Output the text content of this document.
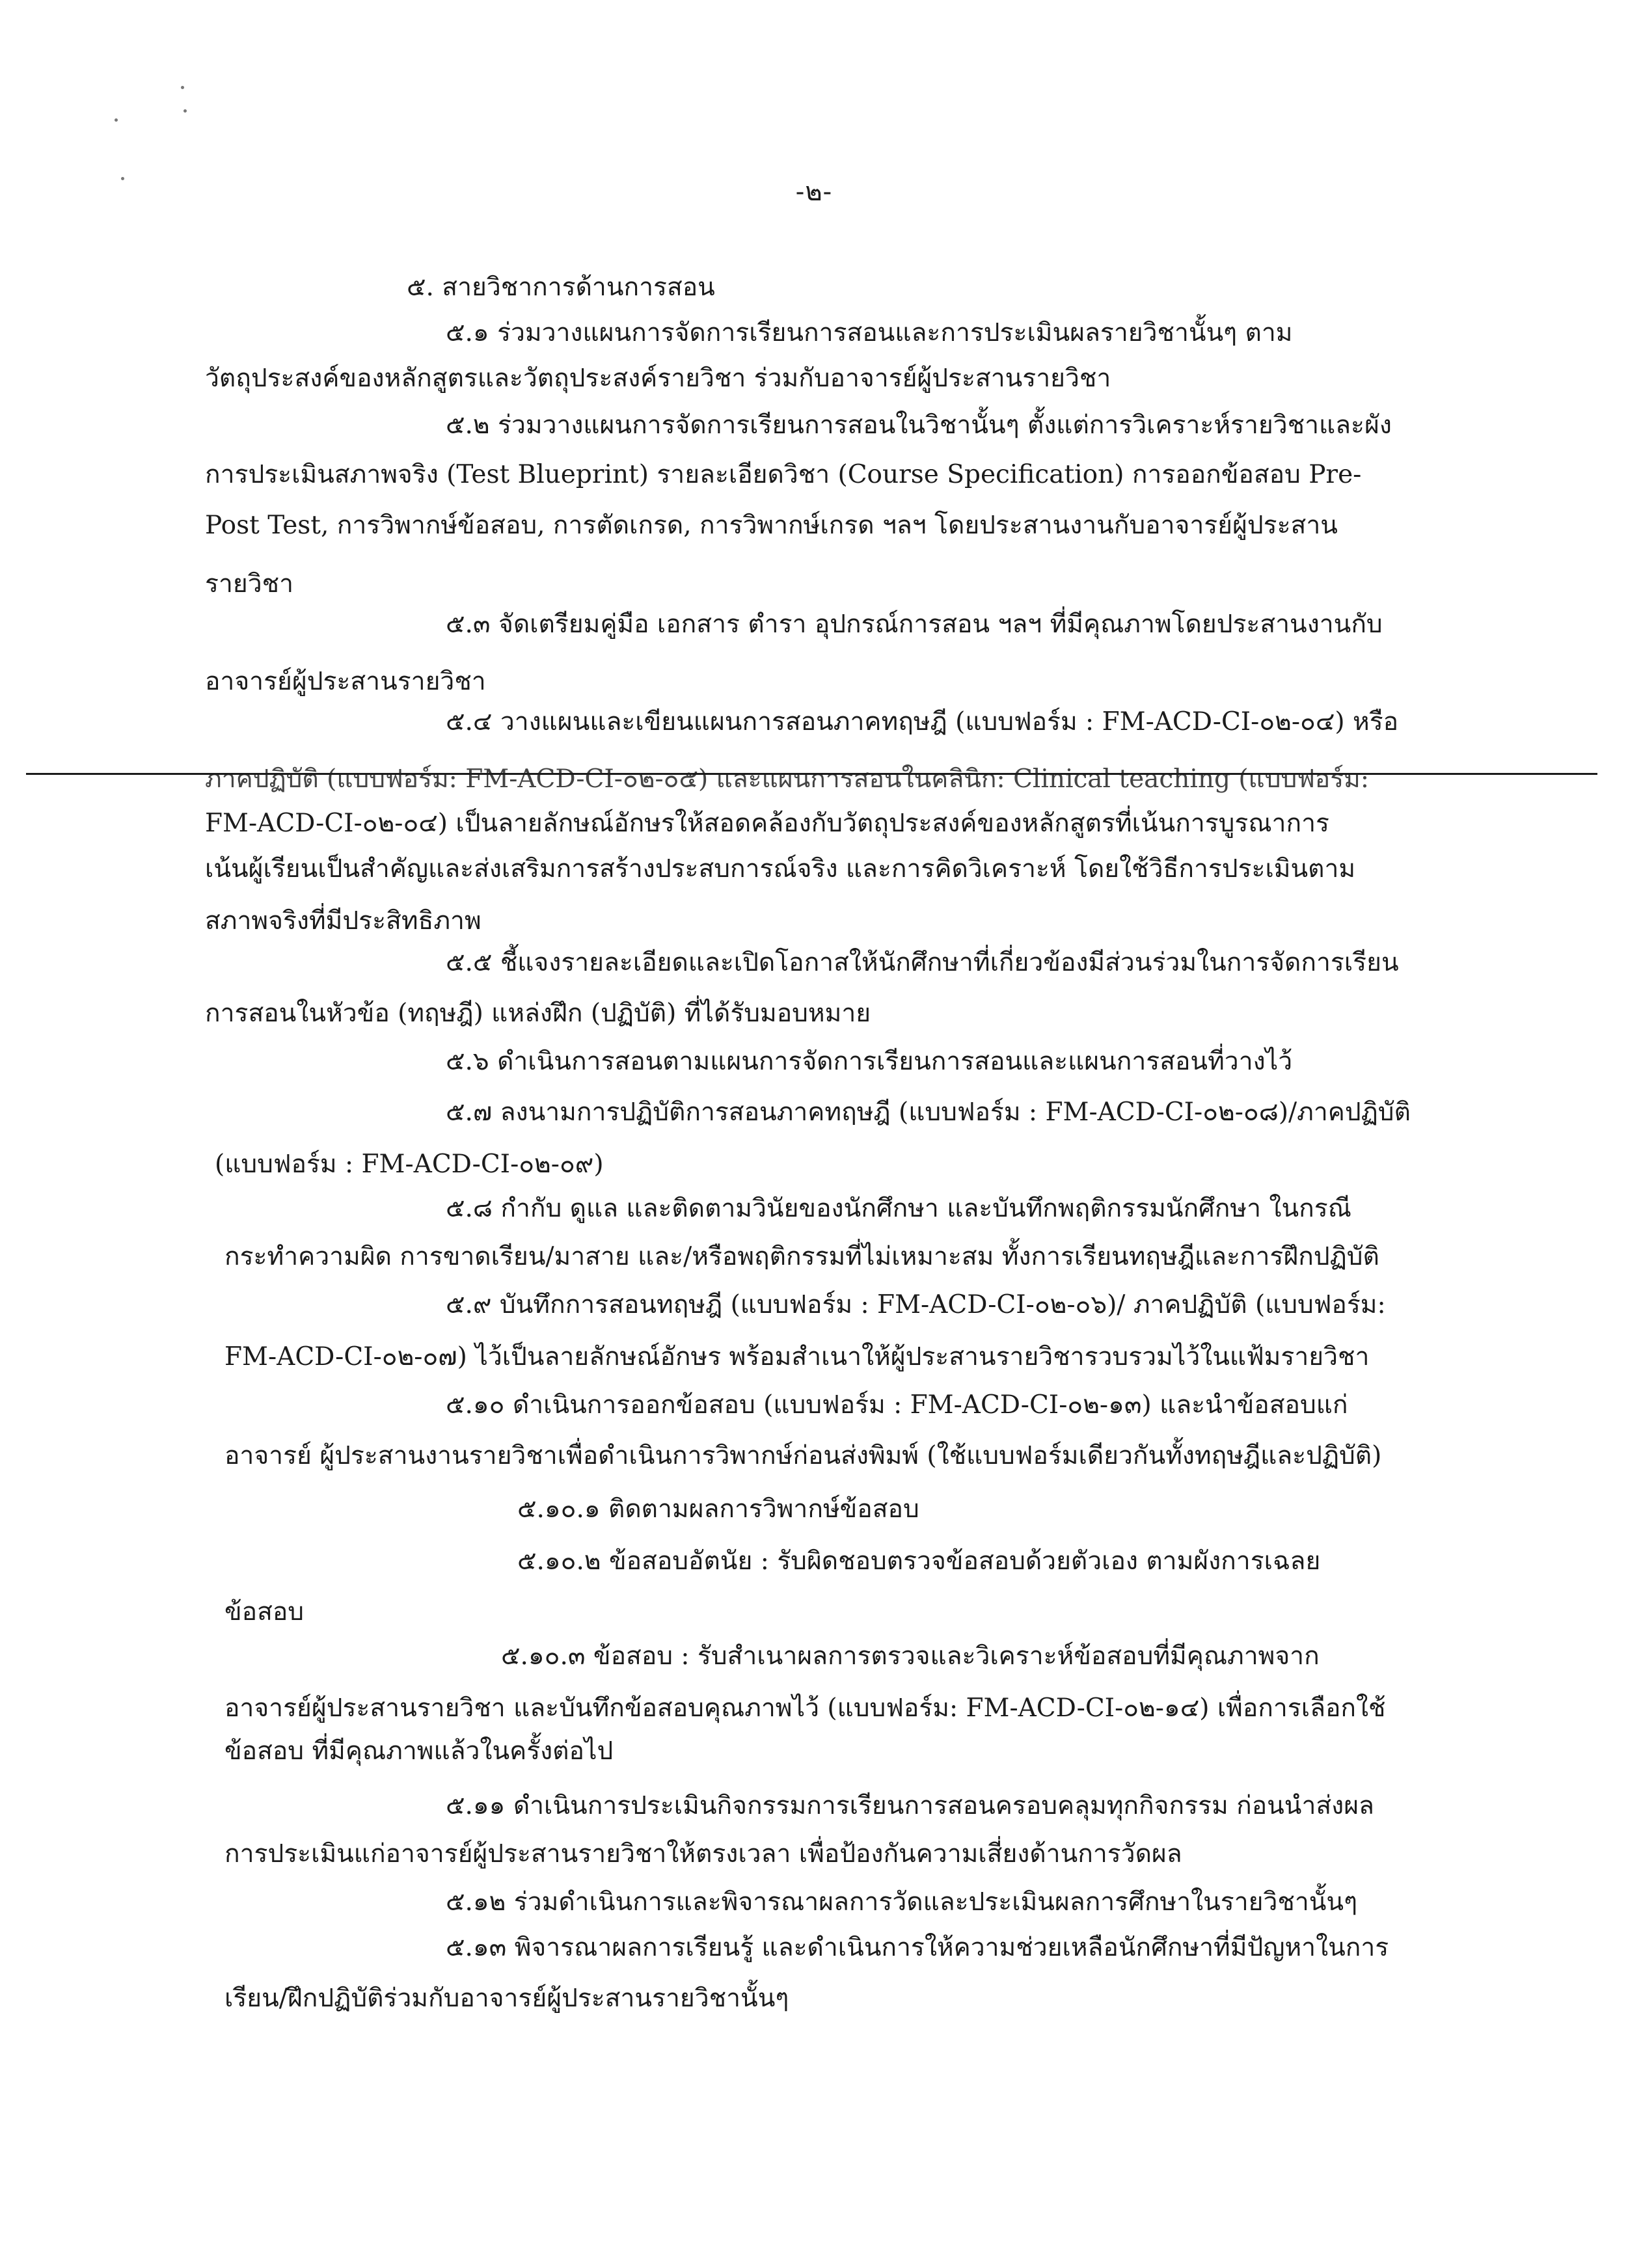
-๒-
๕. สายวิชาการด้านการสอน
๕.๑ ร่วมวางแผนการจัดการเรียนการสอนและการประเมินผลรายวิชานั้นๆ ตาม
วัตถุประสงค์ของหลักสูตรและวัตถุประสงค์รายวิชา ร่วมกับอาจารย์ผู้ประสานรายวิชา
๕.๒ ร่วมวางแผนการจัดการเรียนการสอนในวิชานั้นๆ ตั้งแต่การวิเคราะห์รายวิชาและผัง
การประเมินสภาพจริง (Test Blueprint) รายละเอียดวิชา (Course Specification) การออกข้อสอบ Pre-
Post Test, การวิพากษ์ข้อสอบ, การตัดเกรด, การวิพากษ์เกรด ฯลฯ โดยประสานงานกับอาจารย์ผู้ประสาน
รายวิชา
๕.๓ จัดเตรียมคู่มือ เอกสาร ตำรา อุปกรณ์การสอน ฯลฯ ที่มีคุณภาพโดยประสานงานกับ
อาจารย์ผู้ประสานรายวิชา
๕.๔ วางแผนและเขียนแผนการสอนภาคทฤษฎี (แบบฟอร์ม : FM-ACD-CI-๐๒-๐๔) หรือ
ภาคปฏิบัติ (แบบฟอร์ม: FM-ACD-CI-๐๒-๐๕) และแผนการสอนในคลินิก: Clinical teaching (แบบฟอร์ม:
FM-ACD-CI-๐๒-๐๔) เป็นลายลักษณ์อักษรให้สอดคล้องกับวัตถุประสงค์ของหลักสูตรที่เน้นการบูรณาการ
เน้นผู้เรียนเป็นสำคัญและส่งเสริมการสร้างประสบการณ์จริง และการคิดวิเคราะห์ โดยใช้วิธีการประเมินตาม
สภาพจริงที่มีประสิทธิภาพ
๕.๕ ชี้แจงรายละเอียดและเปิดโอกาสให้นักศึกษาที่เกี่ยวข้องมีส่วนร่วมในการจัดการเรียน
การสอนในหัวข้อ (ทฤษฎี) แหล่งฝึก (ปฏิบัติ) ที่ได้รับมอบหมาย
๕.๖ ดำเนินการสอนตามแผนการจัดการเรียนการสอนและแผนการสอนที่วางไว้
๕.๗ ลงนามการปฏิบัติการสอนภาคทฤษฎี (แบบฟอร์ม : FM-ACD-CI-๐๒-๐๘)/ภาคปฏิบัติ
(แบบฟอร์ม : FM-ACD-CI-๐๒-๐๙)
๕.๘ กำกับ ดูแล และติดตามวินัยของนักศึกษา และบันทึกพฤติกรรมนักศึกษา ในกรณี
กระทำความผิด การขาดเรียน/มาสาย และ/หรือพฤติกรรมที่ไม่เหมาะสม ทั้งการเรียนทฤษฎีและการฝึกปฏิบัติ
๕.๙ บันทึกการสอนทฤษฎี (แบบฟอร์ม : FM-ACD-CI-๐๒-๐๖)/ ภาคปฏิบัติ (แบบฟอร์ม:
FM-ACD-CI-๐๒-๐๗) ไว้เป็นลายลักษณ์อักษร พร้อมสำเนาให้ผู้ประสานรายวิชารวบรวมไว้ในแฟ้มรายวิชา
๕.๑๐ ดำเนินการออกข้อสอบ (แบบฟอร์ม : FM-ACD-CI-๐๒-๑๓) และนำข้อสอบแก่
อาจารย์ ผู้ประสานงานรายวิชาเพื่อดำเนินการวิพากษ์ก่อนส่งพิมพ์ (ใช้แบบฟอร์มเดียวกันทั้งทฤษฎีและปฏิบัติ)
๕.๑๐.๑ ติดตามผลการวิพากษ์ข้อสอบ
๕.๑๐.๒ ข้อสอบอัตนัย : รับผิดชอบตรวจข้อสอบด้วยตัวเอง ตามผังการเฉลย
ข้อสอบ
๕.๑๐.๓ ข้อสอบ : รับสำเนาผลการตรวจและวิเคราะห์ข้อสอบที่มีคุณภาพจาก
อาจารย์ผู้ประสานรายวิชา และบันทึกข้อสอบคุณภาพไว้ (แบบฟอร์ม: FM-ACD-CI-๐๒-๑๔) เพื่อการเลือกใช้
ข้อสอบ ที่มีคุณภาพแล้วในครั้งต่อไป
๕.๑๑ ดำเนินการประเมินกิจกรรมการเรียนการสอนครอบคลุมทุกกิจกรรม ก่อนนำส่งผล
การประเมินแก่อาจารย์ผู้ประสานรายวิชาให้ตรงเวลา เพื่อป้องกันความเสี่ยงด้านการวัดผล
๕.๑๒ ร่วมดำเนินการและพิจารณาผลการวัดและประเมินผลการศึกษาในรายวิชานั้นๆ
๕.๑๓ พิจารณาผลการเรียนรู้ และดำเนินการให้ความช่วยเหลือนักศึกษาที่มีปัญหาในการ
เรียน/ฝึกปฏิบัติร่วมกับอาจารย์ผู้ประสานรายวิชานั้นๆ
